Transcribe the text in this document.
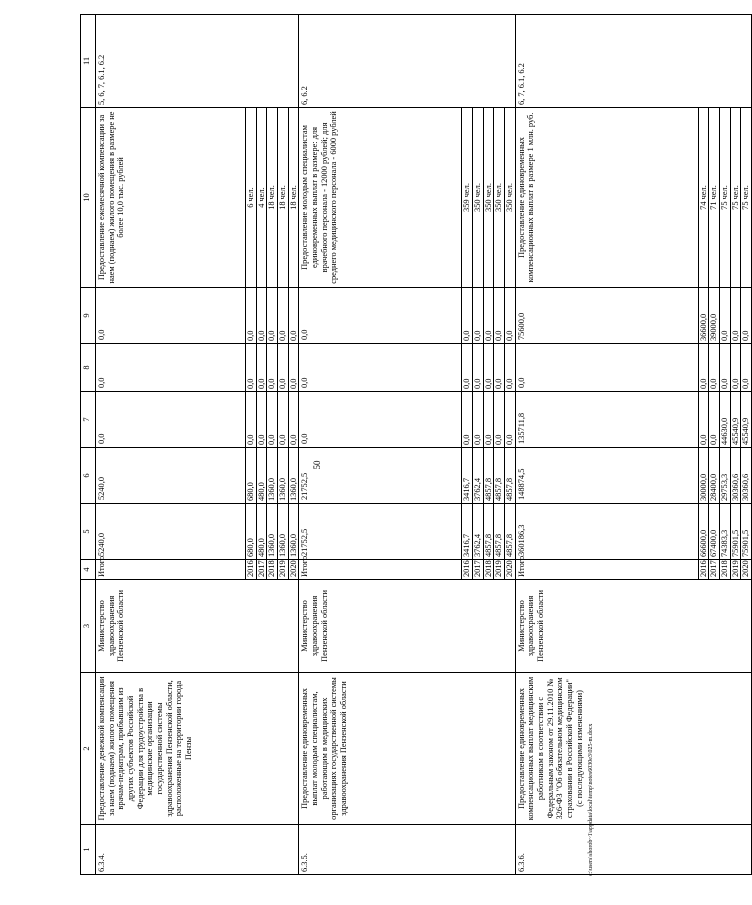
50
1	2	3	4	5	6	7	8	9	10	11
6.3.4.	Предоставление денежной компенсации за наем (поднаем) жилого помещения врачам-педиатрам, прибывшим из других субъектов Российской Федерации для трудоустройства в медицинские организации государственной системы здравоохранения Пензенской области, расположенные на территории города Пензы	Министерство здравоохранения Пензенской области	Итого	5240,0	5240,0	0,0	0,0	0,0	Предоставление ежемесячной компенсации за наем (поднаем) жилого помещения в размере не более 10,0 тыс. рублей	5, 6, 7, 6.1, 6.2
			2016	680,0	680,0	0,0	0,0	0,0	6 чел.	
			2017	480,0	480,0	0,0	0,0	0,0	4 чел.	
			2018	1360,0	1360,0	0,0	0,0	0,0	18 чел.	
			2019	1360,0	1360,0	0,0	0,0	0,0	18 чел.	
			2020	1360,0	1360,0	0,0	0,0	0,0	18 чел.	
6.3.5.	Предоставление единовременных выплат молодым специалистам, работающим в медицинских организациях государственной системы здравоохранения Пензенской области	Министерство здравоохранения Пензенской области	Итого	21752,5	21752,5	0,0	0,0	0,0	Предоставление молодым специалистам единовременных выплат в размере: для врачебного персонала - 12000 рублей; для среднего медицинского персонала - 6000 рублей	6, 6.2
			2016	3416,7	3416,7	0,0	0,0	0,0	359 чел.	
			2017	3762,4	3762,4	0,0	0,0	0,0	350 чел.	
			2018	4857,8	4857,8	0,0	0,0	0,0	350 чел.	
			2019	4857,8	4857,8	0,0	0,0	0,0	350 чел.	
			2020	4857,8	4857,8	0,0	0,0	0,0	350 чел.	
6.3.6.	Предоставление единовременных компенсационных выплат медицинским работникам в соответствии с Федеральным законом от 29.11.2010 № 326-ФЗ "Об обязательном медицинском страховании в Российской Федерации" (с последующими изменениями)	Министерство здравоохранения Пензенской области	Итого	360186,3	148874,5	135711,8	0,0	75600,0	Предоставление единовременных компенсационных выплат в размере 1 млн. руб.	6, 7, 6.1, 6.2
			2016	66600,0	30000,0	0,0	0,0	36600,0	74 чел.	
			2017	67400,0	28400,0	0,0	0,0	39000,0	71 чел.	
			2018	74383,3	29753,3	44630,0	0,0	0,0	75 чел.	
			2019	75901,5	30360,6	45540,9	0,0	0,0	75 чел.	
			2020	75901,5	30360,6	45540,9	0,0	0,0	75 чел.	
c:\users\shorob~1\appdata\local\temp\notes6030e3\025-m.docx
